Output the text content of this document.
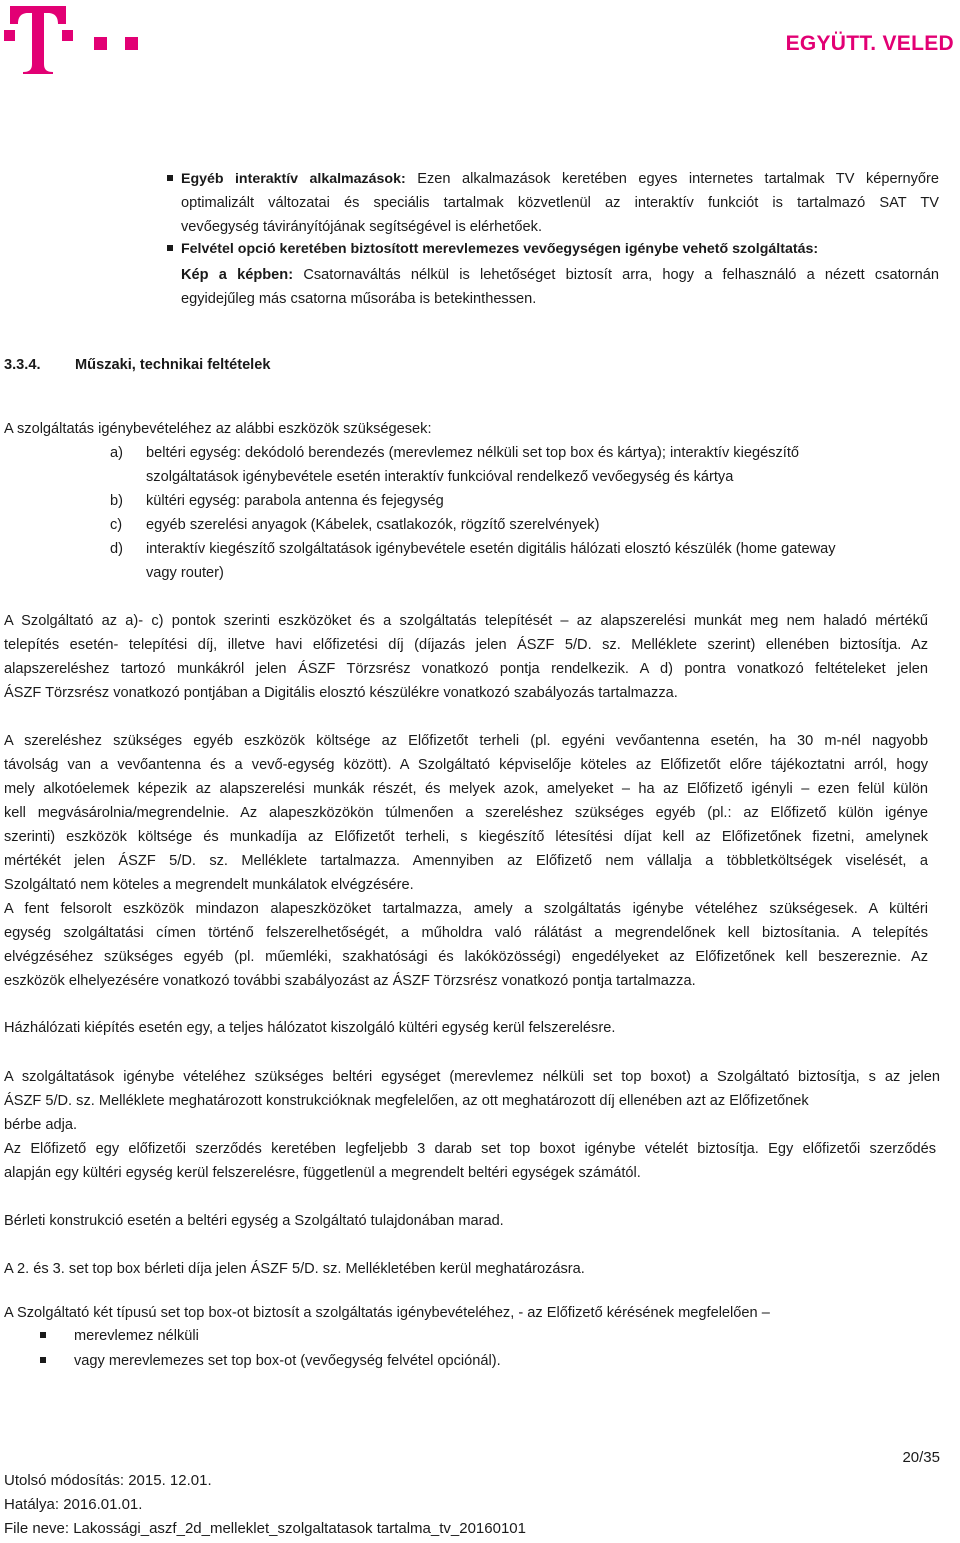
EGYÜTT. VELED
Egyéb interaktív alkalmazások: Ezen alkalmazások keretében egyes internetes tartalmak TV képernyőre
optimalizált változatai és speciális tartalmak közvetlenül az interaktív funkciót is tartalmazó SAT TV
vevőegység távirányítójának segítségével is elérhetőek.
Felvétel opció keretében biztosított merevlemezes vevőegységen igénybe vehető szolgáltatás:
Kép a képben: Csatornaváltás nélkül is lehetőséget biztosít arra, hogy a felhasználó a nézett csatornán
egyidejűleg más csatorna műsorába is betekinthessen.
3.3.4. Műszaki, technikai feltételek
A szolgáltatás igénybevételéhez az alábbi eszközök szükségesek:
a) beltéri egység: dekódoló berendezés (merevlemez nélküli set top box és kártya); interaktív kiegészítő
szolgáltatások igénybevétele esetén interaktív funkcióval rendelkező vevőegység és kártya
b) kültéri egység: parabola antenna és fejegység
c) egyéb szerelési anyagok (Kábelek, csatlakozók, rögzítő szerelvények)
d) interaktív kiegészítő szolgáltatások igénybevétele esetén digitális hálózati elosztó készülék (home gateway
vagy router)
A Szolgáltató az a)- c) pontok szerinti eszközöket és a szolgáltatás telepítését – az alapszerelési munkát meg nem haladó mértékű
telepítés esetén- telepítési díj, illetve havi előfizetési díj (díjazás jelen ÁSZF 5/D. sz. Melléklete szerint) ellenében biztosítja. Az
alapszereléshez tartozó munkákról jelen ÁSZF Törzsrész vonatkozó pontja rendelkezik. A d) pontra vonatkozó feltételeket jelen
ÁSZF Törzsrész vonatkozó pontjában a Digitális elosztó készülékre vonatkozó szabályozás tartalmazza.
A szereléshez szükséges egyéb eszközök költsége az Előfizetőt terheli (pl. egyéni vevőantenna esetén, ha 30 m-nél nagyobb
távolság van a vevőantenna és a vevő-egység között). A Szolgáltató képviselője köteles az Előfizetőt előre tájékoztatni arról, hogy
mely alkotóelemek képezik az alapszerelési munkák részét, és melyek azok, amelyeket – ha az Előfizető igényli – ezen felül külön
kell megvásárolnia/megrendelnie. Az alapeszközökön túlmenően a szereléshez szükséges egyéb (pl.: az Előfizető külön igénye
szerinti) eszközök költsége és munkadíja az Előfizetőt terheli, s kiegészítő létesítési díjat kell az Előfizetőnek fizetni, amelynek
mértékét jelen ÁSZF 5/D. sz. Melléklete tartalmazza. Amennyiben az Előfizető nem vállalja a többletköltségek viselését, a
Szolgáltató nem köteles a megrendelt munkálatok elvégzésére.
A fent felsorolt eszközök mindazon alapeszközöket tartalmazza, amely a szolgáltatás igénybe vételéhez szükségesek. A kültéri
egység szolgáltatási címen történő felszerelhetőségét, a műholdra való rálátást a megrendelőnek kell biztosítania. A telepítés
elvégzéséhez szükséges egyéb (pl. műemléki, szakhatósági és lakóközösségi) engedélyeket az Előfizetőnek kell beszereznie. Az
eszközök elhelyezésére vonatkozó további szabályozást az ÁSZF Törzsrész vonatkozó pontja tartalmazza.
Házhálózati kiépítés esetén egy, a teljes hálózatot kiszolgáló kültéri egység kerül felszerelésre.
A szolgáltatások igénybe vételéhez szükséges beltéri egységet (merevlemez nélküli set top boxot) a Szolgáltató biztosítja, s az jelen
ÁSZF 5/D. sz. Melléklete meghatározott konstrukcióknak megfelelően, az ott meghatározott díj ellenében azt az Előfizetőnek
bérbe adja.
Az Előfizető egy előfizetői szerződés keretében legfeljebb 3 darab set top boxot igénybe vételét biztosítja. Egy előfizetői szerződés
alapján egy kültéri egység kerül felszerelésre, függetlenül a megrendelt beltéri egységek számától.
Bérleti konstrukció esetén a beltéri egység a Szolgáltató tulajdonában marad.
A 2. és 3. set top box bérleti díja jelen ÁSZF 5/D. sz. Mellékletében kerül meghatározásra.
A Szolgáltató két típusú set top box-ot biztosít a szolgáltatás igénybevételéhez, - az Előfizető kérésének megfelelően –
merevlemez nélküli
vagy merevlemezes set top box-ot (vevőegység felvétel opciónál).
20/35
Utolsó módosítás: 2015. 12.01.
Hatálya: 2016.01.01.
File neve: Lakossági_aszf_2d_melleklet_szolgaltatasok tartalma_tv_20160101
